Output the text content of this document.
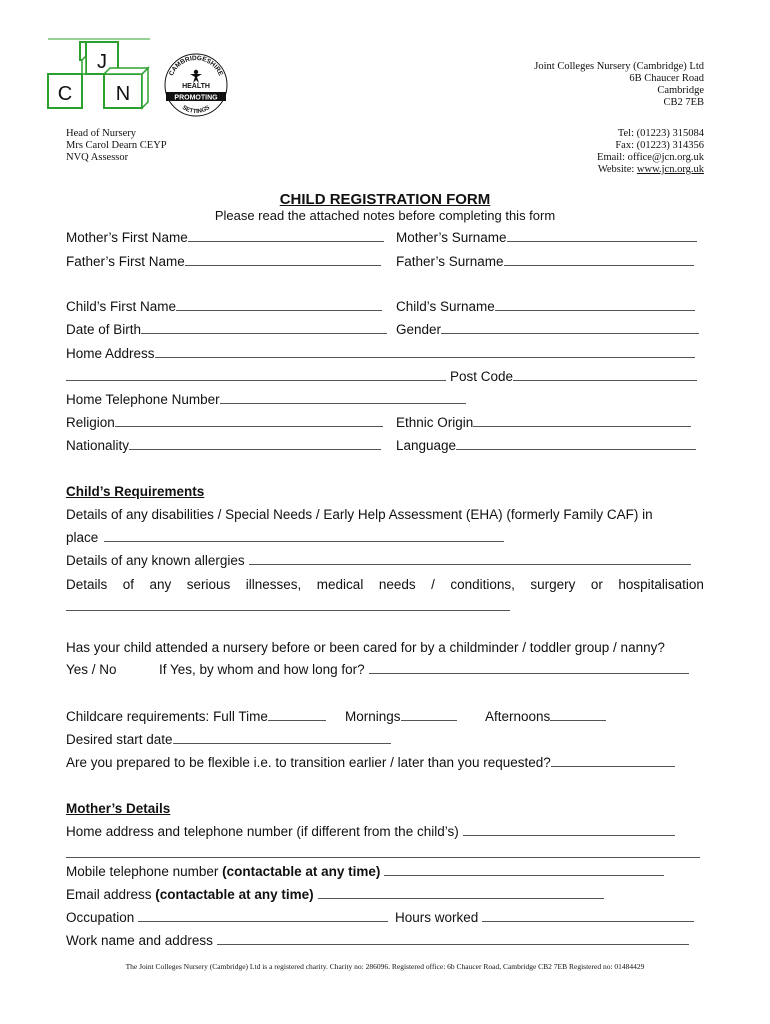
J
C N
CAMBRIDGESHIRE
HEALTH
PROMOTING
SETTINGS
Joint Colleges Nursery (Cambridge) Ltd
6B Chaucer Road
Cambridge
CB2 7EB
Head of Nursery
Mrs Carol Dearn CEYP
NVQ Assessor
Tel: (01223) 315084
Fax: (01223) 314356
Email: office@jcn.org.uk
Website: www.jcn.org.uk
CHILD REGISTRATION FORM
Please read the attached notes before completing this form
Mother’s First Name	Mother’s Surname
Father’s First Name	Father’s Surname
Child’s First Name	Child’s Surname
Date of Birth	Gender
Home Address
Post Code
Home Telephone Number
Religion	Ethnic Origin
Nationality	Language
Child’s Requirements
Details of any disabilities / Special Needs / Early Help Assessment (EHA) (formerly Family CAF) in
place
Details of any known allergies
Details of any serious illnesses, medical needs / conditions, surgery or hospitalisation
Has your child attended a nursery before or been cared for by a childminder / toddler group / nanny?
Yes / No	If Yes, by whom and how long for?
Childcare requirements: Full Time	Mornings	Afternoons
Desired start date
Are you prepared to be flexible i.e. to transition earlier / later than you requested?
Mother’s Details
Home address and telephone number (if different from the child’s)
Mobile telephone number (contactable at any time)
Email address (contactable at any time)
Occupation	Hours worked
Work name and address
The Joint Colleges Nursery (Cambridge) Ltd is a registered charity. Charity no: 286096. Registered office: 6b Chaucer Road, Cambridge CB2 7EB Registered no: 01484429
